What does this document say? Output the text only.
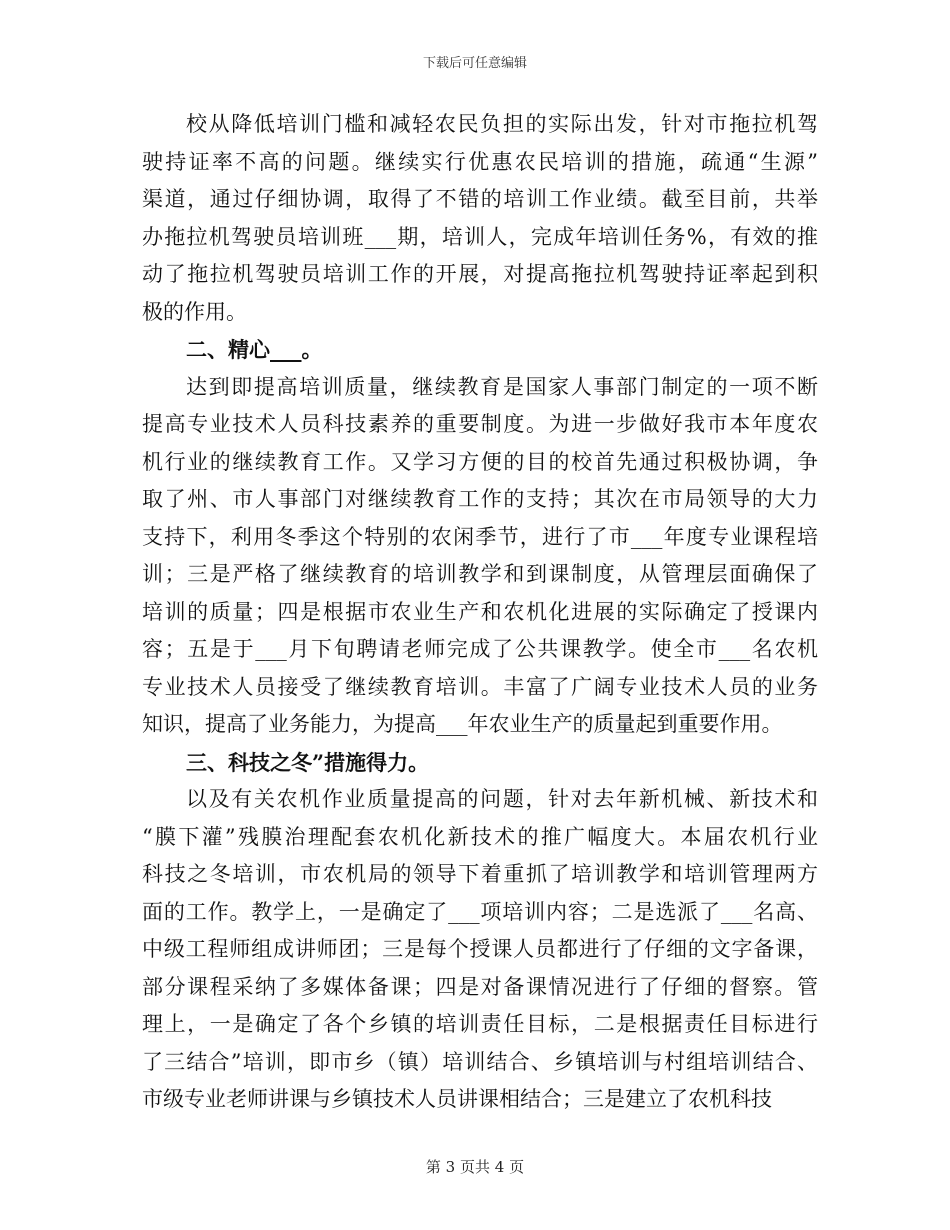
下载后可任意编辑
校从降低培训门槛和减轻农民负担的实际出发，针对市拖拉机驾
驶持证率不高的问题。继续实行优惠农民培训的措施，疏通“生源”
渠道，通过仔细协调，取得了不错的培训工作业绩。截至目前，共举
办拖拉机驾驶员培训班___期，培训人，完成年培训任务%，有效的推
动了拖拉机驾驶员培训工作的开展，对提高拖拉机驾驶持证率起到积
极的作用。
二、精心___。
达到即提高培训质量，继续教育是国家人事部门制定的一项不断
提高专业技术人员科技素养的重要制度。为进一步做好我市本年度农
机行业的继续教育工作。又学习方便的目的校首先通过积极协调，争
取了州、市人事部门对继续教育工作的支持；其次在市局领导的大力
支持下，利用冬季这个特别的农闲季节，进行了市___年度专业课程培
训；三是严格了继续教育的培训教学和到课制度，从管理层面确保了
培训的质量；四是根据市农业生产和农机化进展的实际确定了授课内
容；五是于___月下旬聘请老师完成了公共课教学。使全市___名农机
专业技术人员接受了继续教育培训。丰富了广阔专业技术人员的业务
知识，提高了业务能力，为提高___年农业生产的质量起到重要作用。
三、科技之冬”措施得力。
以及有关农机作业质量提高的问题，针对去年新机械、新技术和
“膜下灌”残膜治理配套农机化新技术的推广幅度大。本届农机行业
科技之冬培训，市农机局的领导下着重抓了培训教学和培训管理两方
面的工作。教学上，一是确定了___项培训内容；二是选派了___名高、
中级工程师组成讲师团；三是每个授课人员都进行了仔细的文字备课，
部分课程采纳了多媒体备课；四是对备课情况进行了仔细的督察。管
理上，一是确定了各个乡镇的培训责任目标，二是根据责任目标进行
了三结合”培训，即市乡（镇）培训结合、乡镇培训与村组培训结合、
市级专业老师讲课与乡镇技术人员讲课相结合；三是建立了农机科技
第 3 页共 4 页
